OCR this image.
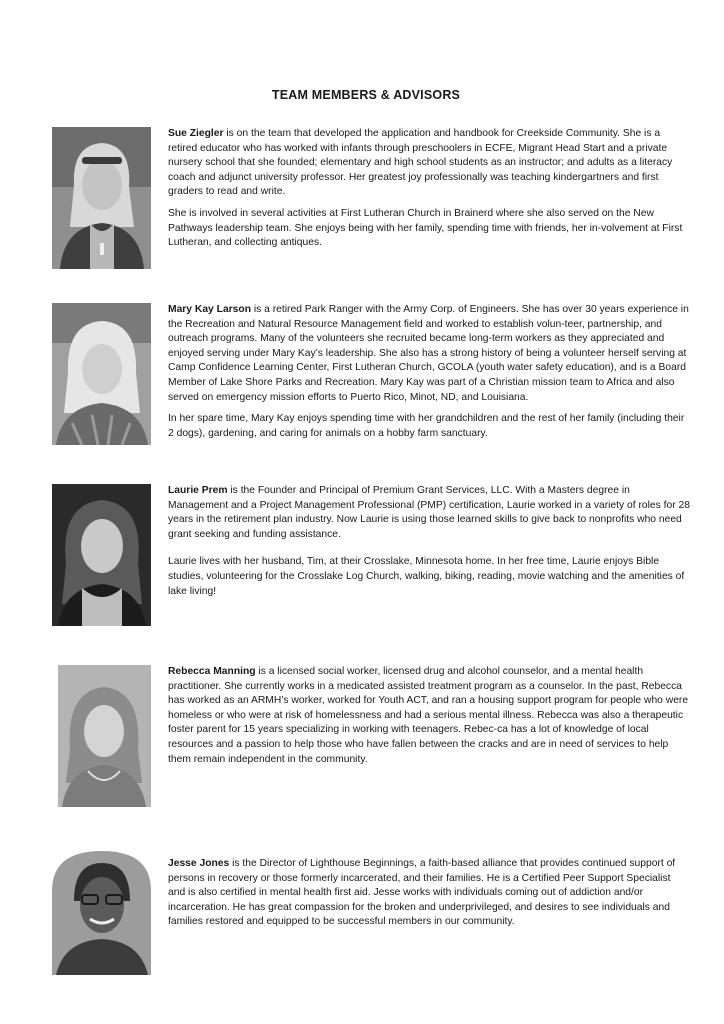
TEAM MEMBERS & ADVISORS

Sue Ziegler is on the team that developed the application and handbook for Creekside Community. She is a retired educator who has worked with infants through preschoolers in ECFE, Migrant Head Start and a private nursery school that she founded; elementary and high school students as an instructor; and adults as a literacy coach and adjunct university professor. Her greatest joy professionally was teaching kindergartners and first graders to read and write.

She is involved in several activities at First Lutheran Church in Brainerd where she also served on the New Pathways leadership team. She enjoys being with her family, spending time with friends, her in-volvement at First Lutheran, and collecting antiques.

Mary Kay Larson is a retired Park Ranger with the Army Corp. of Engineers. She has over 30 years experience in the Recreation and Natural Resource Management field and worked to establish volun-teer, partnership, and outreach programs. Many of the volunteers she recruited became long-term workers as they appreciated and enjoyed serving under Mary Kay’s leadership. She also has a strong history of being a volunteer herself serving at Camp Confidence Learning Center, First Lutheran Church, GCOLA (youth water safety education), and is a Board Member of Lake Shore Parks and Recreation. Mary Kay was part of a Christian mission team to Africa and also served on emergency mission efforts to Puerto Rico, Minot, ND, and Louisiana.

In her spare time, Mary Kay enjoys spending time with her grandchildren and the rest of her family (including their 2 dogs), gardening, and caring for animals on a hobby farm sanctuary.

Laurie Prem is the Founder and Principal of Premium Grant Services, LLC. With a Masters degree in Management and a Project Management Professional (PMP) certification, Laurie worked in a variety of roles for 28 years in the retirement plan industry. Now Laurie is using those learned skills to give back to nonprofits who need grant seeking and funding assistance.

Laurie lives with her husband, Tim, at their Crosslake, Minnesota home. In her free time, Laurie enjoys Bible studies, volunteering for the Crosslake Log Church, walking, biking, reading, movie watching and the amenities of lake living!

Rebecca Manning is a licensed social worker, licensed drug and alcohol counselor, and a mental health practitioner. She currently works in a medicated assisted treatment program as a counselor. In the past, Rebecca has worked as an ARMH’s worker, worked for Youth ACT, and ran a housing support program for people who were homeless or who were at risk of homelessness and had a serious mental illness. Rebecca was also a therapeutic foster parent for 15 years specializing in working with teenagers. Rebec-ca has a lot of knowledge of local resources and a passion to help those who have fallen between the cracks and are in need of services to help them remain independent in the community.

Jesse Jones is the Director of Lighthouse Beginnings, a faith-based alliance that provides continued support of persons in recovery or those formerly incarcerated, and their families. He is a Certified Peer Support Specialist and is also certified in mental health first aid. Jesse works with individuals coming out of addiction and/or incarceration. He has great compassion for the broken and underprivileged, and desires to see individuals and families restored and equipped to be successful members in our community.
